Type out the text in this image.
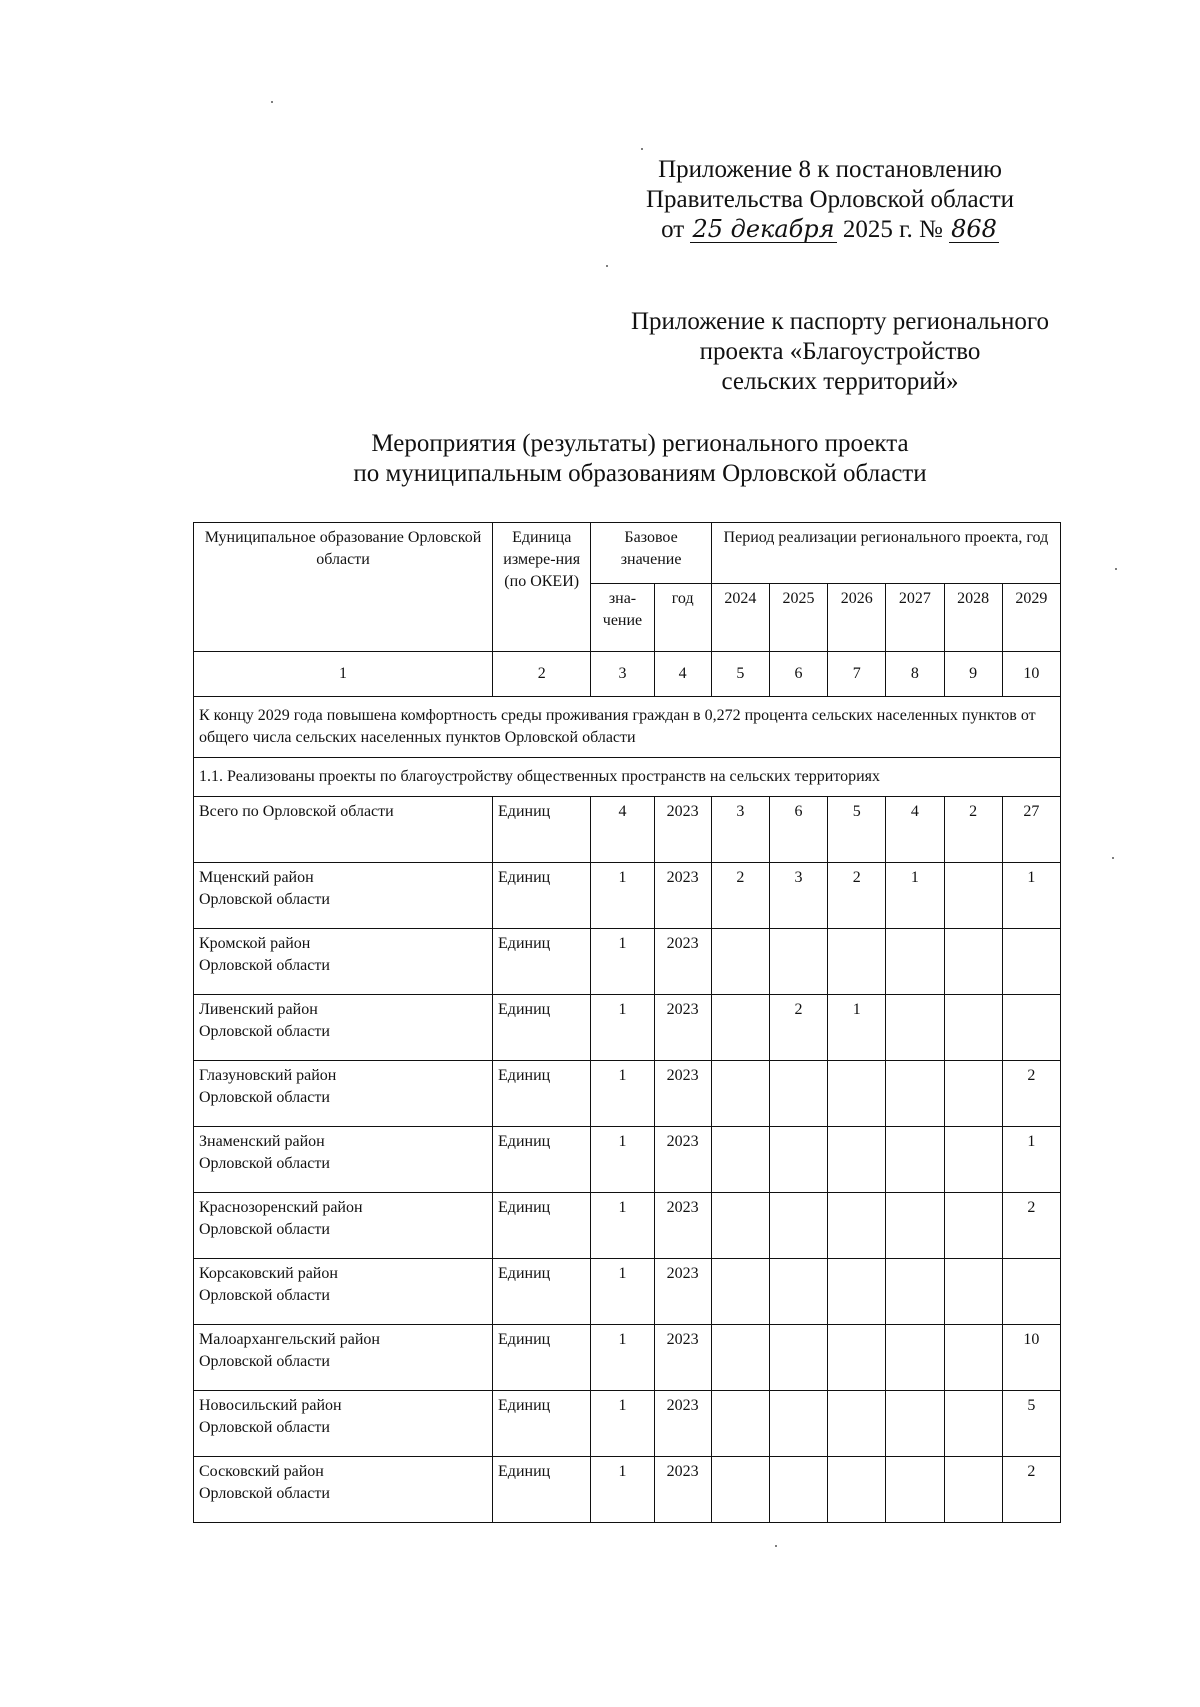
Приложение 8 к постановлению
Правительства Орловской области
от 25 декабря 2025 г. № 868
Приложение к паспорту регионального
проекта «Благоустройство
сельских территорий»
Мероприятия (результаты) регионального проекта
по муниципальным образованиям Орловской области
Муниципальное образование Орловской области	Единица измере-ния (по ОКЕИ)	Базовое значение		Период реализации регионального проекта, год					
		зна-чение	год	2024	2025	2026	2027	2028	2029
1	2	3	4	5	6	7	8	9	10
К концу 2029 года повышена комфортность среды проживания граждан в 0,272 процента сельских населенных пунктов от общего числа сельских населенных пунктов Орловской области									
1.1. Реализованы проекты по благоустройству общественных пространств на сельских территориях									
Всего по Орловской области	Единиц	4	2023	3	6	5	4	2	27

Мценский район
Орловской области	Единиц	1	2023	2	3	2	1		1

Кромской район
Орловской области	Единиц	1	2023						

Ливенский район
Орловской области	Единиц	1	2023		2	1			

Глазуновский район
Орловской области	Единиц	1	2023						2

Знаменский район
Орловской области	Единиц	1	2023						1

Краснозоренский район
Орловской области	Единиц	1	2023						2

Корсаковский район
Орловской области	Единиц	1	2023						

Малоархангельский район
Орловской области	Единиц	1	2023						10

Новосильский район
Орловской области	Единиц	1	2023						5

Сосковский район
Орловской области	Единиц	1	2023						2
